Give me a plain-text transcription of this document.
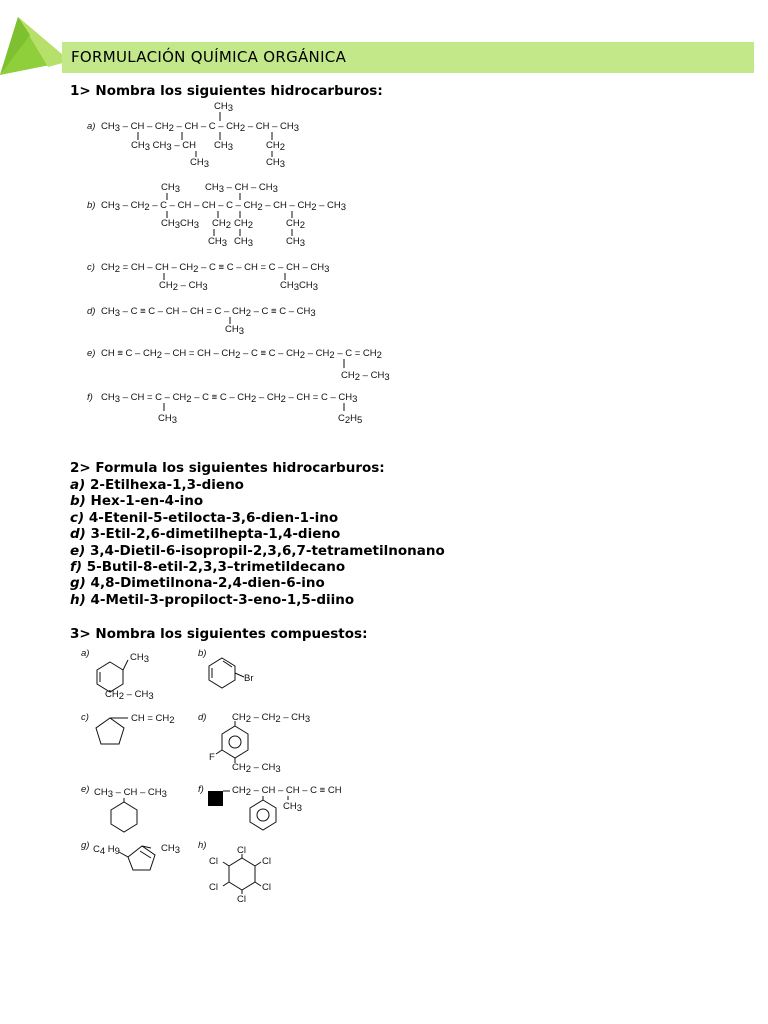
FORMULACIÓN QUÍMICA ORGÁNICA
1> Nombra los siguientes hidrocarburos:
a) CH3 – CH – CH2 – CH – C – CH2 – CH – CH3
CH3
CH3 CH3 – CH CH3
CH3
CH2
CH3
b) CH3 – CH2 – C – CH – CH – C – CH2 – CH – CH2 – CH3
CH3	CH3 – CH – CH3
CH3CH3 CH2 CH2	CH2
CH3 CH3	CH3
c) CH2 = CH – CH – CH2 – C ≡ C – CH = C – CH – CH3
CH2 – CH3	CH3CH3
d) CH3 – C ≡ C – CH – CH = C – CH2 – C ≡ C – CH3
CH3
e) CH ≡ C – CH2 – CH = CH – CH2 – C ≡ C – CH2 – CH2 – C = CH2
CH2 – CH3
f) CH3 – CH = C – CH2 – C ≡ C – CH2 – CH2 – CH = C – CH3
CH3	C2H5
2> Formula los siguientes hidrocarburos:
a) 2-Etilhexa-1,3-dieno
b) Hex-1-en-4-ino
c) 4-Etenil-5-etilocta-3,6-dien-1-ino
d) 3-Etil-2,6-dimetilhepta-1,4-dieno
e) 3,4-Dietil-6-isopropil-2,3,6,7-tetrametilnonano
f) 5-Butil-8-etil-2,3,3–trimetildecano
g) 4,8-Dimetilnona-2,4-dien-6-ino
h) 4-Metil-3-propiloct-3-eno-1,5-diino
3> Nombra los siguientes compuestos:
a)	CH3
CH2 – CH3
b)
Br
c)	CH = CH2 d)	CH2 – CH2 – CH3
F
CH2 – CH3
e) CH3 – CH – CH3	f)	CH2 – CH – CH – C ≡ CH
CH3
g) C4 H9	CH3 h)	Cl
Cl
Cl
Cl
Cl
Cl
